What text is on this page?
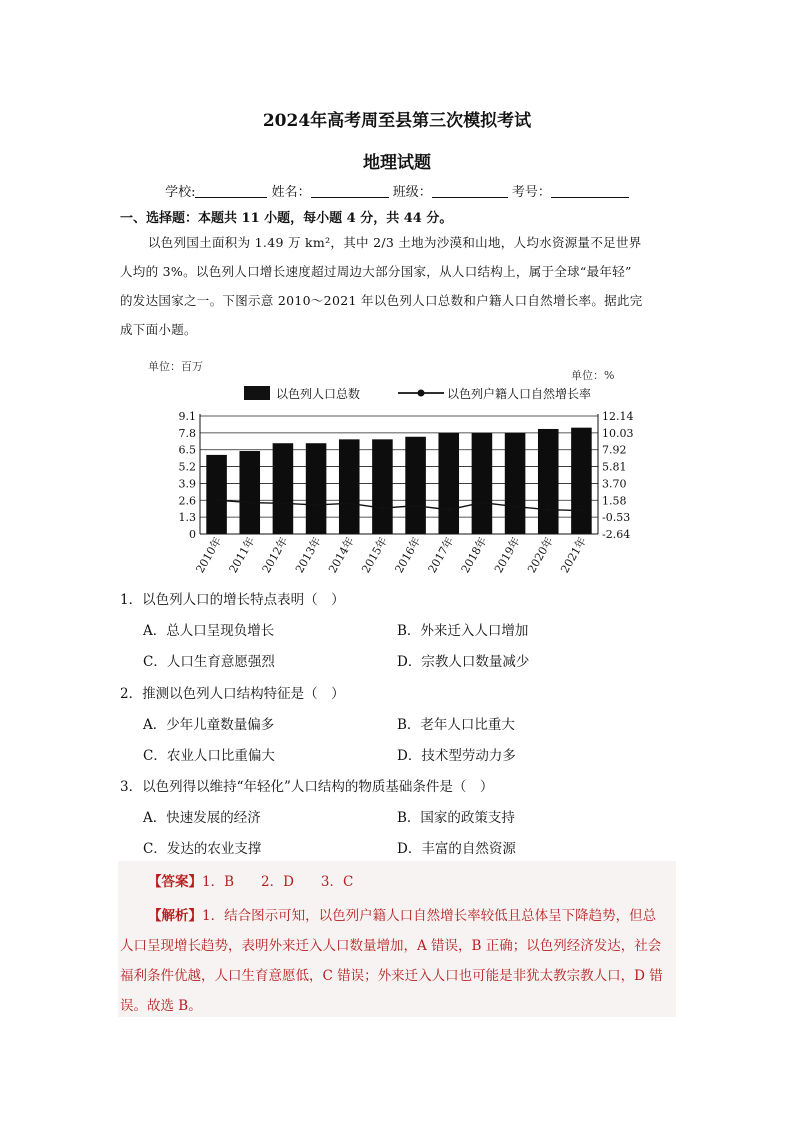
2024年高考周至县第三次模拟考试
地理试题
学校:	姓名：	班级：	考号：
一、选择题：本题共 11 小题，每小题 4 分，共 44 分。

以色列国土面积为 1.49 万 km²，其中 2/3 土地为沙漠和山地，人均水资源量不足世界

人均的 3%。以色列人口增长速度超过周边大部分国家，从人口结构上，属于全球“最年轻”

的发达国家之一。下图示意 2010～2021 年以色列人口总数和户籍人口自然增长率。据此完

成下面小题。

单位：百万
单位：%
0
1.3
2.6
3.9
5.2
6.5
7.8
9.1	12.14
10.03
7.92
5.81
3.70
1.58
-0.53
-2.64
2010年 2011年 2012年 2013年 2014年 2015年 2016年 2017年 2018年 2019年 2020年 2021年
以色列人口总数	以色列户籍人口自然增长率
1．以色列人口的增长特点表明（　）
A．总人口呈现负增长	B．外来迁入人口增加
C．人口生育意愿强烈	D．宗教人口数量减少
2．推测以色列人口结构特征是（　）
A．少年儿童数量偏多	B．老年人口比重大
C．农业人口比重偏大	D．技术型劳动力多
3．以色列得以维持“年轻化”人口结构的物质基础条件是（　）
A．快速发展的经济	B．国家的政策支持
C．发达的农业支撑	D．丰富的自然资源
【答案】1．B　　2．D　　3．C

【解析】1．结合图示可知，以色列户籍人口自然增长率较低且总体呈下降趋势，但总

人口呈现增长趋势，表明外来迁入人口数量增加，A 错误，B 正确；以色列经济发达，社会

福利条件优越，人口生育意愿低，C 错误；外来迁入人口也可能是非犹太教宗教人口，D 错

误。故选 B。
